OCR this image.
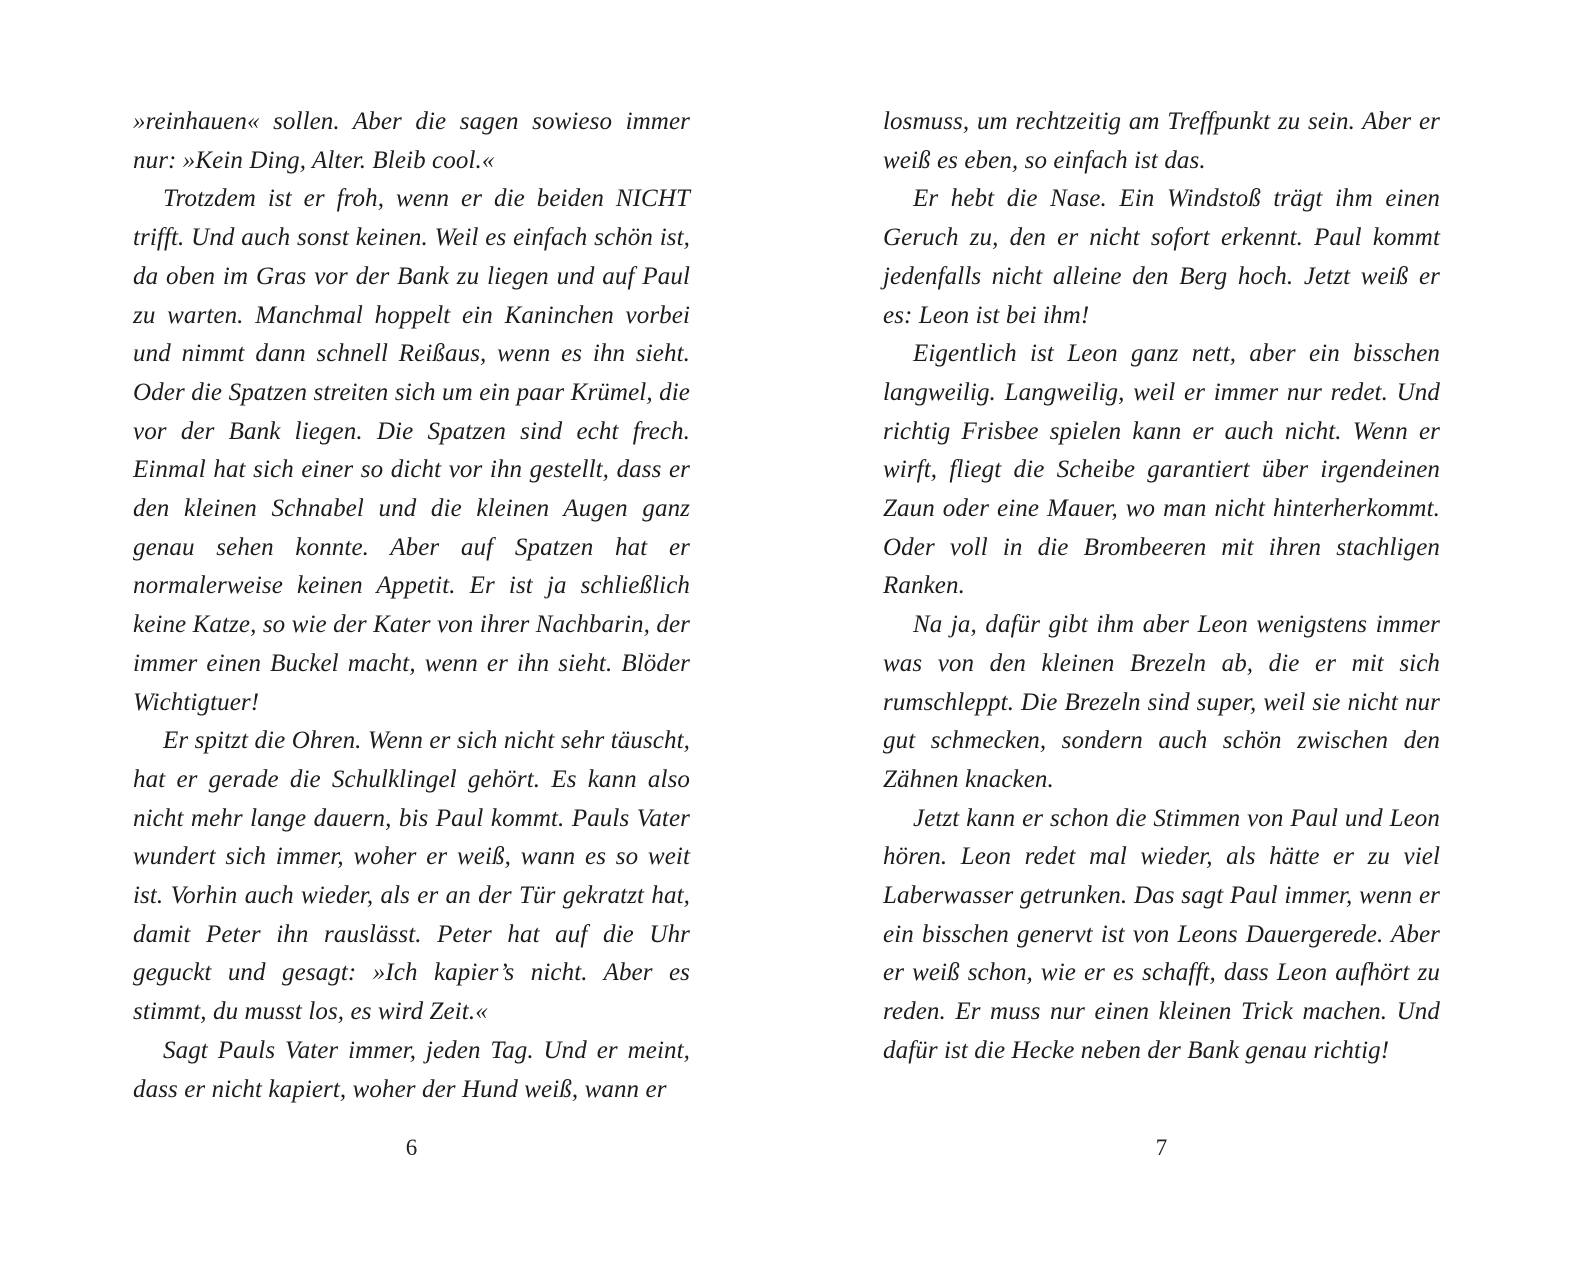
»reinhauen« sollen. Aber die sagen sowieso immer nur: »Kein Ding, Alter. Bleib cool.«

Trotzdem ist er froh, wenn er die beiden NICHT trifft. Und auch sonst keinen. Weil es einfach schön ist, da oben im Gras vor der Bank zu liegen und auf Paul zu warten. Manchmal hoppelt ein Kaninchen vorbei und nimmt dann schnell Reißaus, wenn es ihn sieht. Oder die Spatzen streiten sich um ein paar Krümel, die vor der Bank liegen. Die Spatzen sind echt frech. Einmal hat sich einer so dicht vor ihn gestellt, dass er den kleinen Schnabel und die kleinen Augen ganz genau sehen konnte. Aber auf Spatzen hat er normalerweise keinen Appetit. Er ist ja schließlich keine Katze, so wie der Kater von ihrer Nachbarin, der immer einen Buckel macht, wenn er ihn sieht. Blöder Wichtigtuer!

Er spitzt die Ohren. Wenn er sich nicht sehr täuscht, hat er gerade die Schulklingel gehört. Es kann also nicht mehr lange dauern, bis Paul kommt. Pauls Vater wundert sich immer, woher er weiß, wann es so weit ist. Vorhin auch wieder, als er an der Tür gekratzt hat, damit Peter ihn rauslässt. Peter hat auf die Uhr geguckt und gesagt: »Ich kapier’s nicht. Aber es stimmt, du musst los, es wird Zeit.«

Sagt Pauls Vater immer, jeden Tag. Und er meint, dass er nicht kapiert, woher der Hund weiß, wann er

6

losmuss, um rechtzeitig am Treffpunkt zu sein. Aber er weiß es eben, so einfach ist das.

Er hebt die Nase. Ein Windstoß trägt ihm einen Geruch zu, den er nicht sofort erkennt. Paul kommt jedenfalls nicht alleine den Berg hoch. Jetzt weiß er es: Leon ist bei ihm!

Eigentlich ist Leon ganz nett, aber ein bisschen langweilig. Langweilig, weil er immer nur redet. Und richtig Frisbee spielen kann er auch nicht. Wenn er wirft, fliegt die Scheibe garantiert über irgendeinen Zaun oder eine Mauer, wo man nicht hinterherkommt. Oder voll in die Brombeeren mit ihren stachligen Ranken.

Na ja, dafür gibt ihm aber Leon wenigstens immer was von den kleinen Brezeln ab, die er mit sich rumschleppt. Die Brezeln sind super, weil sie nicht nur gut schmecken, sondern auch schön zwischen den Zähnen knacken.

Jetzt kann er schon die Stimmen von Paul und Leon hören. Leon redet mal wieder, als hätte er zu viel Laberwasser getrunken. Das sagt Paul immer, wenn er ein bisschen genervt ist von Leons Dauergerede. Aber er weiß schon, wie er es schafft, dass Leon aufhört zu reden. Er muss nur einen kleinen Trick machen. Und dafür ist die Hecke neben der Bank genau richtig!

7
